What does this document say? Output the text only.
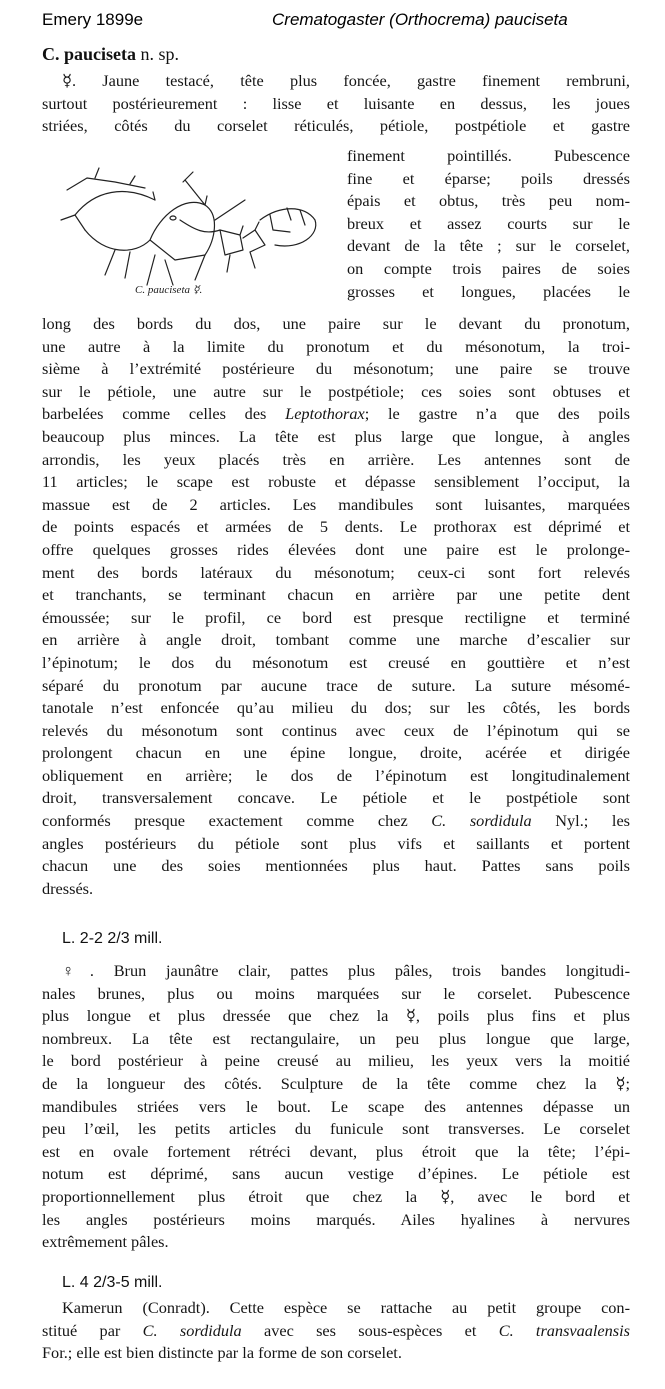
Emery 1899e	Crematogaster (Orthocrema) pauciseta
C. pauciseta n. sp.
☿. Jaune testacé, tête plus foncée, gastre finement rembruni,
surtout postérieurement : lisse et luisante en dessus, les joues
striées, côtés du corselet réticulés, pétiole, postpétiole et gastre
C. pauciseta ☿.
finement pointillés. Pubescence
fine et éparse; poils dressés
épais et obtus, très peu nom-
breux et assez courts sur le
devant de la tête ; sur le corselet,
on compte trois paires de soies
grosses et longues, placées le
long des bords du dos, une paire sur le devant du pronotum,
une autre à la limite du pronotum et du mésonotum, la troi-
sième à l’extrémité postérieure du mésonotum; une paire se trouve
sur le pétiole, une autre sur le postpétiole; ces soies sont obtuses et
barbelées comme celles des Leptothorax; le gastre n’a que des poils
beaucoup plus minces. La tête est plus large que longue, à angles
arrondis, les yeux placés très en arrière. Les antennes sont de
11 articles; le scape est robuste et dépasse sensiblement l’occiput, la
massue est de 2 articles. Les mandibules sont luisantes, marquées
de points espacés et armées de 5 dents. Le prothorax est déprimé et
offre quelques grosses rides élevées dont une paire est le prolonge-
ment des bords latéraux du mésonotum; ceux-ci sont fort relevés
et tranchants, se terminant chacun en arrière par une petite dent
émoussée; sur le profil, ce bord est presque rectiligne et terminé
en arrière à angle droit, tombant comme une marche d’escalier sur
l’épinotum; le dos du mésonotum est creusé en gouttière et n’est
séparé du pronotum par aucune trace de suture. La suture mésomé-
tanotale n’est enfoncée qu’au milieu du dos; sur les côtés, les bords
relevés du mésonotum sont continus avec ceux de l’épinotum qui se
prolongent chacun en une épine longue, droite, acérée et dirigée
obliquement en arrière; le dos de l’épinotum est longitudinalement
droit, transversalement concave. Le pétiole et le postpétiole sont
conformés presque exactement comme chez C. sordidula Nyl.; les
angles postérieurs du pétiole sont plus vifs et saillants et portent
chacun une des soies mentionnées plus haut. Pattes sans poils
dressés.
L. 2-2 2/3 mill.
♀. Brun jaunâtre clair, pattes plus pâles, trois bandes longitudi-
nales brunes, plus ou moins marquées sur le corselet. Pubescence
plus longue et plus dressée que chez la ☿, poils plus fins et plus
nombreux. La tête est rectangulaire, un peu plus longue que large,
le bord postérieur à peine creusé au milieu, les yeux vers la moitié
de la longueur des côtés. Sculpture de la tête comme chez la ☿;
mandibules striées vers le bout. Le scape des antennes dépasse un
peu l’œil, les petits articles du funicule sont transverses. Le corselet
est en ovale fortement rétréci devant, plus étroit que la tête; l’épi-
notum est déprimé, sans aucun vestige d’épines. Le pétiole est
proportionnellement plus étroit que chez la ☿, avec le bord et
les angles postérieurs moins marqués. Ailes hyalines à nervures
extrêmement pâles.
L. 4 2/3-5 mill.
Kamerun (Conradt). Cette espèce se rattache au petit groupe con-
stitué par C. sordidula avec ses sous-espèces et C. transvaalensis
For.; elle est bien distincte par la forme de son corselet.
